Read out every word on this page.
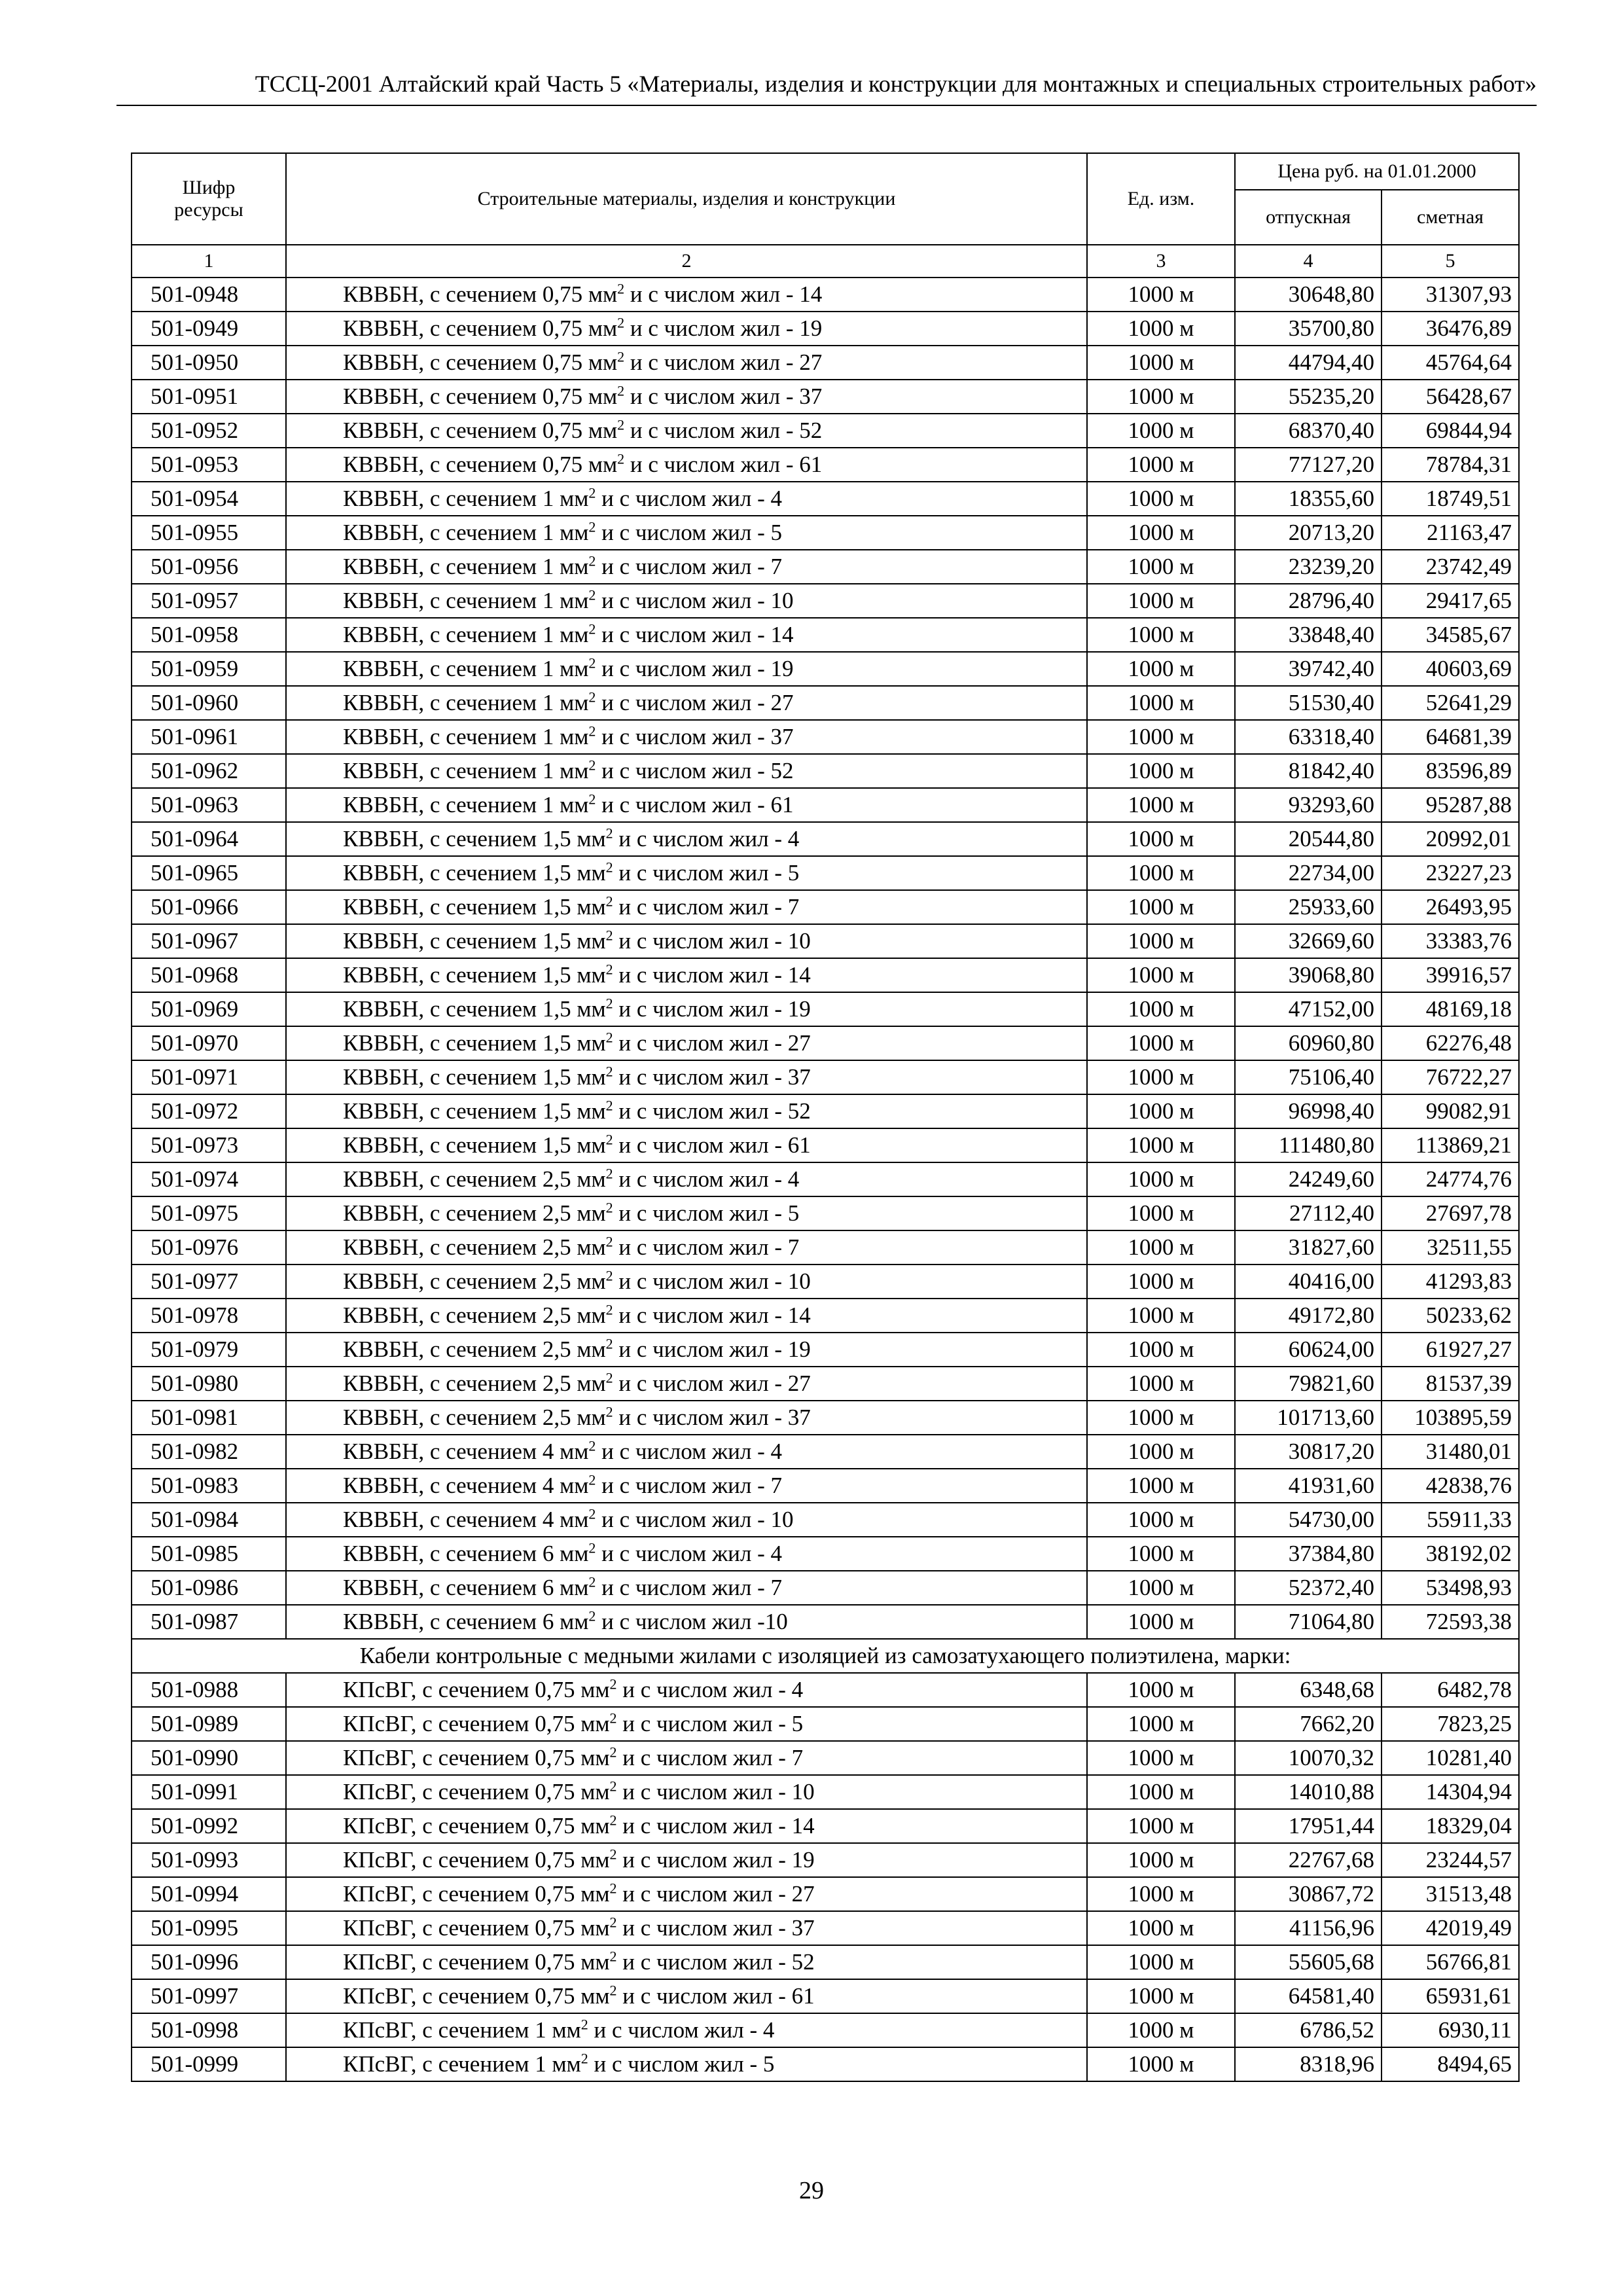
ТССЦ-2001 Алтайский край Часть 5 «Материалы, изделия и конструкции для монтажных и специальных строительных работ»
Шифр ресурсы	Строительные материалы, изделия и конструкции	Ед. изм.	Цена руб. на 01.01.2000	
			отпускная	сметная
1	2	3	4	5
501-0948	КВВБН, с сечением 0,75 $мм^2$ и с числом жил - 14	1000 м	30648,80	31307,93
501-0949	КВВБН, с сечением 0,75 $мм^2$ и с числом жил - 19	1000 м	35700,80	36476,89
501-0950	КВВБН, с сечением 0,75 $мм^2$ и с числом жил - 27	1000 м	44794,40	45764,64
501-0951	КВВБН, с сечением 0,75 $мм^2$ и с числом жил - 37	1000 м	55235,20	56428,67
501-0952	КВВБН, с сечением 0,75 $мм^2$ и с числом жил - 52	1000 м	68370,40	69844,94
501-0953	КВВБН, с сечением 0,75 $мм^2$ и с числом жил - 61	1000 м	77127,20	78784,31
501-0954	КВВБН, с сечением 1 $мм^2$ и с числом жил - 4	1000 м	18355,60	18749,51
501-0955	КВВБН, с сечением 1 $мм^2$ и с числом жил - 5	1000 м	20713,20	21163,47
501-0956	КВВБН, с сечением 1 $мм^2$ и с числом жил - 7	1000 м	23239,20	23742,49
501-0957	КВВБН, с сечением 1 $мм^2$ и с числом жил - 10	1000 м	28796,40	29417,65
501-0958	КВВБН, с сечением 1 $мм^2$ и с числом жил - 14	1000 м	33848,40	34585,67
501-0959	КВВБН, с сечением 1 $мм^2$ и с числом жил - 19	1000 м	39742,40	40603,69
501-0960	КВВБН, с сечением 1 $мм^2$ и с числом жил - 27	1000 м	51530,40	52641,29
501-0961	КВВБН, с сечением 1 $мм^2$ и с числом жил - 37	1000 м	63318,40	64681,39
501-0962	КВВБН, с сечением 1 $мм^2$ и с числом жил - 52	1000 м	81842,40	83596,89
501-0963	КВВБН, с сечением 1 $мм^2$ и с числом жил - 61	1000 м	93293,60	95287,88
501-0964	КВВБН, с сечением 1,5 $мм^2$ и с числом жил - 4	1000 м	20544,80	20992,01
501-0965	КВВБН, с сечением 1,5 $мм^2$ и с числом жил - 5	1000 м	22734,00	23227,23
501-0966	КВВБН, с сечением 1,5 $мм^2$ и с числом жил - 7	1000 м	25933,60	26493,95
501-0967	КВВБН, с сечением 1,5 $мм^2$ и с числом жил - 10	1000 м	32669,60	33383,76
501-0968	КВВБН, с сечением 1,5 $мм^2$ и с числом жил - 14	1000 м	39068,80	39916,57
501-0969	КВВБН, с сечением 1,5 $мм^2$ и с числом жил - 19	1000 м	47152,00	48169,18
501-0970	КВВБН, с сечением 1,5 $мм^2$ и с числом жил - 27	1000 м	60960,80	62276,48
501-0971	КВВБН, с сечением 1,5 $мм^2$ и с числом жил - 37	1000 м	75106,40	76722,27
501-0972	КВВБН, с сечением 1,5 $мм^2$ и с числом жил - 52	1000 м	96998,40	99082,91
501-0973	КВВБН, с сечением 1,5 $мм^2$ и с числом жил - 61	1000 м	111480,80	113869,21
501-0974	КВВБН, с сечением 2,5 $мм^2$ и с числом жил - 4	1000 м	24249,60	24774,76
501-0975	КВВБН, с сечением 2,5 $мм^2$ и с числом жил - 5	1000 м	27112,40	27697,78
501-0976	КВВБН, с сечением 2,5 $мм^2$ и с числом жил - 7	1000 м	31827,60	32511,55
501-0977	КВВБН, с сечением 2,5 $мм^2$ и с числом жил - 10	1000 м	40416,00	41293,83
501-0978	КВВБН, с сечением 2,5 $мм^2$ и с числом жил - 14	1000 м	49172,80	50233,62
501-0979	КВВБН, с сечением 2,5 $мм^2$ и с числом жил - 19	1000 м	60624,00	61927,27
501-0980	КВВБН, с сечением 2,5 $мм^2$ и с числом жил - 27	1000 м	79821,60	81537,39
501-0981	КВВБН, с сечением 2,5 $мм^2$ и с числом жил - 37	1000 м	101713,60	103895,59
501-0982	КВВБН, с сечением 4 $мм^2$ и с числом жил - 4	1000 м	30817,20	31480,01
501-0983	КВВБН, с сечением 4 $мм^2$ и с числом жил - 7	1000 м	41931,60	42838,76
501-0984	КВВБН, с сечением 4 $мм^2$ и с числом жил - 10	1000 м	54730,00	55911,33
501-0985	КВВБН, с сечением 6 $мм^2$ и с числом жил - 4	1000 м	37384,80	38192,02
501-0986	КВВБН, с сечением 6 $мм^2$ и с числом жил - 7	1000 м	52372,40	53498,93
501-0987	КВВБН, с сечением 6 $мм^2$ и с числом жил -10	1000 м	71064,80	72593,38
Кабели контрольные с медными жилами с изоляцией из самозатухающего полиэтилена, марки:				
501-0988	КПсВГ, с сечением 0,75 $мм^2$ и с числом жил - 4	1000 м	6348,68	6482,78
501-0989	КПсВГ, с сечением 0,75 $мм^2$ и с числом жил - 5	1000 м	7662,20	7823,25
501-0990	КПсВГ, с сечением 0,75 $мм^2$ и с числом жил - 7	1000 м	10070,32	10281,40
501-0991	КПсВГ, с сечением 0,75 $мм^2$ и с числом жил - 10	1000 м	14010,88	14304,94
501-0992	КПсВГ, с сечением 0,75 $мм^2$ и с числом жил - 14	1000 м	17951,44	18329,04
501-0993	КПсВГ, с сечением 0,75 $мм^2$ и с числом жил - 19	1000 м	22767,68	23244,57
501-0994	КПсВГ, с сечением 0,75 $мм^2$ и с числом жил - 27	1000 м	30867,72	31513,48
501-0995	КПсВГ, с сечением 0,75 $мм^2$ и с числом жил - 37	1000 м	41156,96	42019,49
501-0996	КПсВГ, с сечением 0,75 $мм^2$ и с числом жил - 52	1000 м	55605,68	56766,81
501-0997	КПсВГ, с сечением 0,75 $мм^2$ и с числом жил - 61	1000 м	64581,40	65931,61
501-0998	КПсВГ, с сечением 1 $мм^2$ и с числом жил - 4	1000 м	6786,52	6930,11
501-0999	КПсВГ, с сечением 1 $мм^2$ и с числом жил - 5	1000 м	8318,96	8494,65
29
